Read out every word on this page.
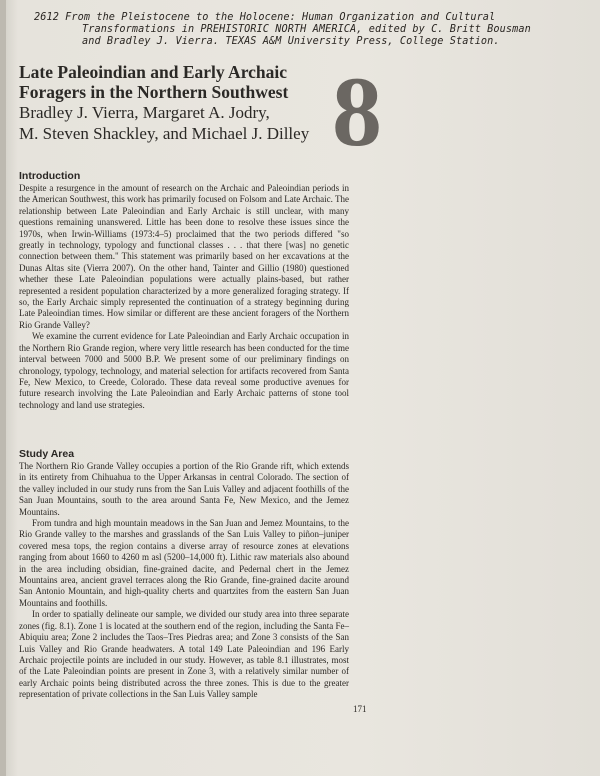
2612 From the Pleistocene to the Holocene: Human Organization and Cultural
Transformations in PREHISTORIC NORTH AMERICA, edited by C. Britt Bousman
and Bradley J. Vierra. TEXAS A&M University Press, College Station.
Late Paleoindian and Early Archaic
Foragers in the Northern Southwest
Bradley J. Vierra, Margaret A. Jodry,
M. Steven Shackley, and Michael J. Dilley 8
Introduction

Despite a resurgence in the amount of research on the Archaic and Paleoindian periods in the American Southwest, this work has primarily focused on Folsom and Late Archaic. The relationship between Late Paleoindian and Early Archaic is still unclear, with many questions remaining unanswered. Little has been done to resolve these issues since the 1970s, when Irwin-Williams (1973:4–5) proclaimed that the two periods differed "so greatly in technology, typology and functional classes . . . that there [was] no genetic connection between them." This statement was primarily based on her excavations at the Dunas Altas site (Vierra 2007). On the other hand, Tainter and Gillio (1980) questioned whether these Late Paleoindian populations were actually plains-based, but rather represented a resident population characterized by a more generalized foraging strategy. If so, the Early Archaic simply represented the continuation of a strategy beginning during Late Paleoindian times. How similar or different are these ancient foragers of the Northern Rio Grande Valley?

We examine the current evidence for Late Paleoindian and Early Archaic occupation in the Northern Rio Grande region, where very little research has been conducted for the time interval between 7000 and 5000 B.P. We present some of our preliminary findings on chronology, typology, technology, and material selection for artifacts recovered from Santa Fe, New Mexico, to Creede, Colorado. These data reveal some productive avenues for future research involving the Late Paleoindian and Early Archaic patterns of stone tool technology and land use strategies.

Study Area

The Northern Rio Grande Valley occupies a portion of the Rio Grande rift, which extends in its entirety from Chihuahua to the Upper Arkansas in central Colorado. The section of the valley included in our study runs from the San Luis Valley and adjacent foothills of the San Juan Mountains, south to the area around Santa Fe, New Mexico, and the Jemez Mountains.

From tundra and high mountain meadows in the San Juan and Jemez Mountains, to the Rio Grande valley to the marshes and grasslands of the San Luis Valley to piñon–juniper covered mesa tops, the region contains a diverse array of resource zones at elevations ranging from about 1660 to 4260 m asl (5200–14,000 ft). Lithic raw materials also abound in the area including obsidian, fine-grained dacite, and Pedernal chert in the Jemez Mountains area, ancient gravel terraces along the Rio Grande, fine-grained dacite around San Antonio Mountain, and high-quality cherts and quartzites from the eastern San Juan Mountains and foothills.

In order to spatially delineate our sample, we divided our study area into three separate zones (fig. 8.1). Zone 1 is located at the southern end of the region, including the Santa Fe–Abiquiu area; Zone 2 includes the Taos–Tres Piedras area; and Zone 3 consists of the San Luis Valley and Rio Grande headwaters. A total 149 Late Paleoindian and 196 Early Archaic projectile points are included in our study. However, as table 8.1 illustrates, most of the Late Paleoindian points are present in Zone 3, with a relatively similar number of early Archaic points being distributed across the three zones. This is due to the greater representation of private collections in the San Luis Valley sample

171
